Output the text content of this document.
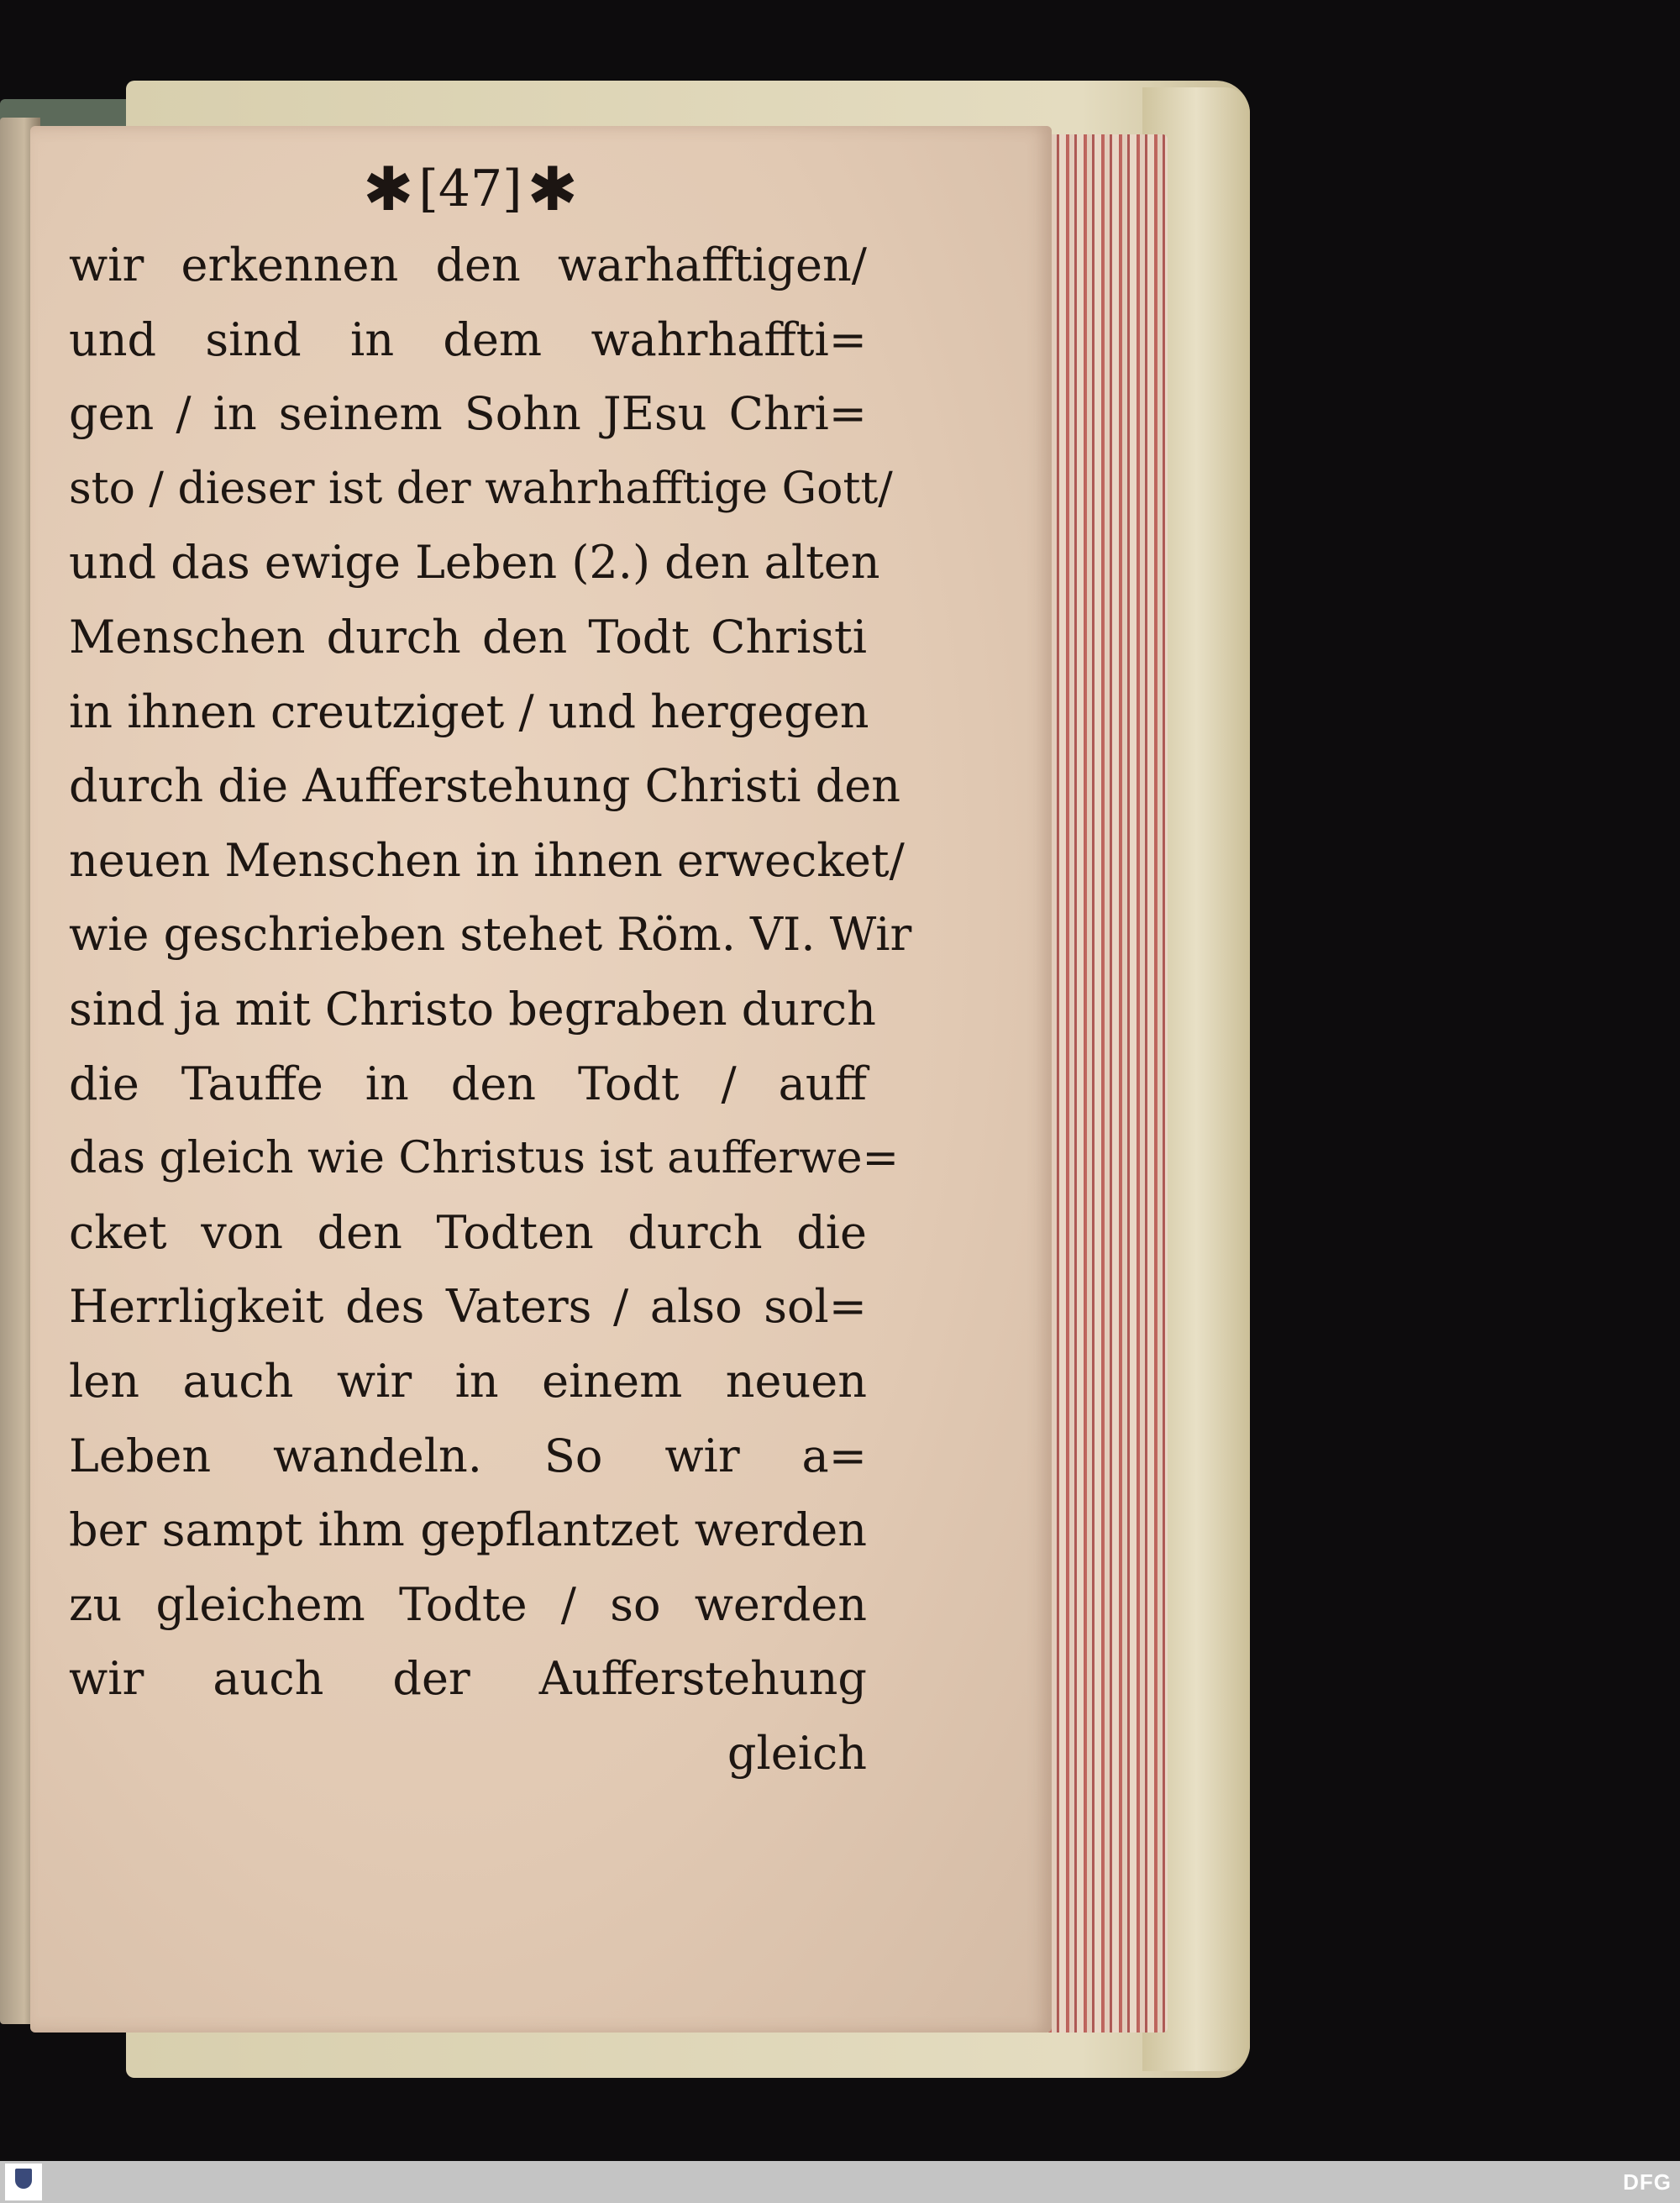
✱ [47] ✱
wir erkennen den warhafftigen/
und sind in dem wahrhaffti=
gen / in seinem Sohn JEsu Chri=
sto / dieser ist der wahrhafftige Gott/
und das ewige Leben (2.) den alten
Menschen durch den Todt Christi
in ihnen creutziget / und hergegen
durch die Aufferstehung Christi den
neuen Menschen in ihnen erwecket/
wie geschrieben stehet Röm. VI. Wir
sind ja mit Christo begraben durch
die Tauffe in den Todt / auff
das gleich wie Christus ist aufferwe=
cket von den Todten durch die
Herrligkeit des Vaters / also sol=
len auch wir in einem neuen
Leben wandeln. So wir a=
ber sampt ihm gepflantzet werden
zu gleichem Todte / so werden
wir auch der Aufferstehung
gleich
DFG
